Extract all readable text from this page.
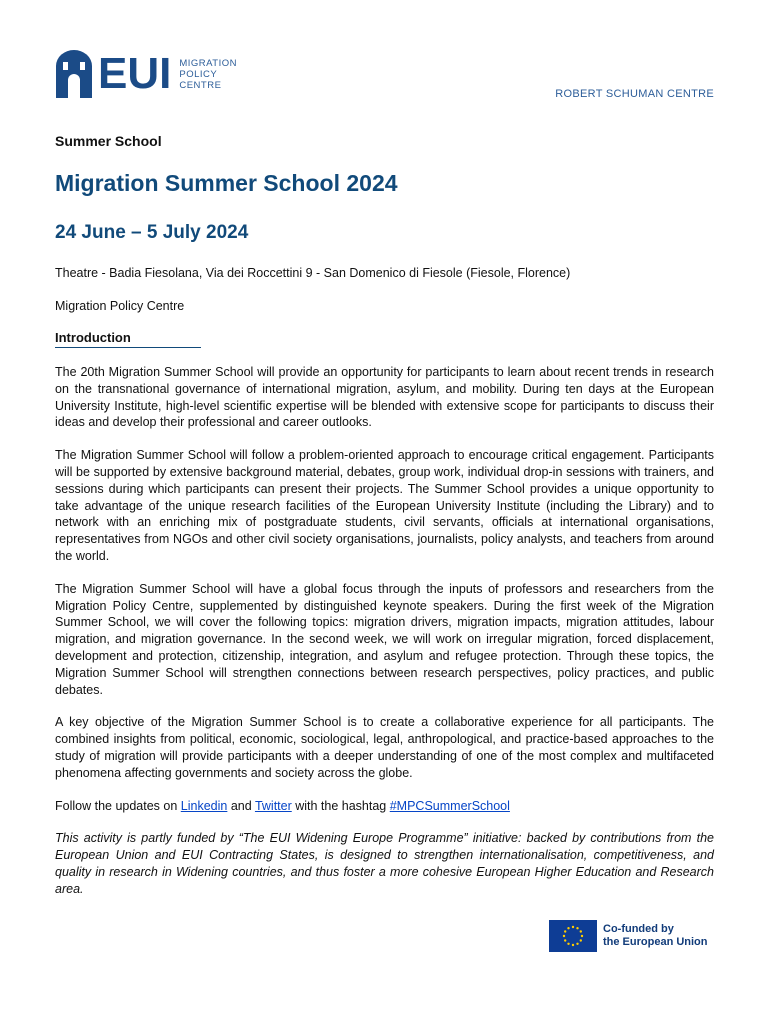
EUI MIGRATION
POLICY
CENTRE
ROBERT SCHUMAN CENTRE
Summer School
Migration Summer School 2024
24 June – 5 July 2024
Theatre - Badia Fiesolana, Via dei Roccettini 9 - San Domenico di Fiesole (Fiesole, Florence)
Migration Policy Centre
Introduction

The 20th Migration Summer School will provide an opportunity for participants to learn about recent trends in research on the transnational governance of international migration, asylum, and mobility. During ten days at the European University Institute, high-level scientific expertise will be blended with extensive scope for participants to discuss their ideas and develop their professional and career outlooks.

The Migration Summer School will follow a problem-oriented approach to encourage critical engagement. Participants will be supported by extensive background material, debates, group work, individual drop-in sessions with trainers, and sessions during which participants can present their projects. The Summer School provides a unique opportunity to take advantage of the unique research facilities of the European University Institute (including the Library) and to network with an enriching mix of postgraduate students, civil servants, officials at international organisations, representatives from NGOs and other civil society organisations, journalists, policy analysts, and teachers from around the world.

The Migration Summer School will have a global focus through the inputs of professors and researchers from the Migration Policy Centre, supplemented by distinguished keynote speakers. During the first week of the Migration Summer School, we will cover the following topics: migration drivers, migration impacts, migration attitudes, labour migration, and migration governance. In the second week, we will work on irregular migration, forced displacement, development and protection, citizenship, integration, and asylum and refugee protection. Through these topics, the Migration Summer School will strengthen connections between research perspectives, policy practices, and public debates.

A key objective of the Migration Summer School is to create a collaborative experience for all participants. The combined insights from political, economic, sociological, legal, anthropological, and practice-based approaches to the study of migration will provide participants with a deeper understanding of one of the most complex and multifaceted phenomena affecting governments and society across the globe.

Follow the updates on Linkedin and Twitter with the hashtag #MPCSummerSchool

This activity is partly funded by “The EUI Widening Europe Programme” initiative: backed by contributions from the European Union and EUI Contracting States, is designed to strengthen internationalisation, competitiveness, and quality in research in Widening countries, and thus foster a more cohesive European Higher Education and Research area.

Co-funded by
the European Union
